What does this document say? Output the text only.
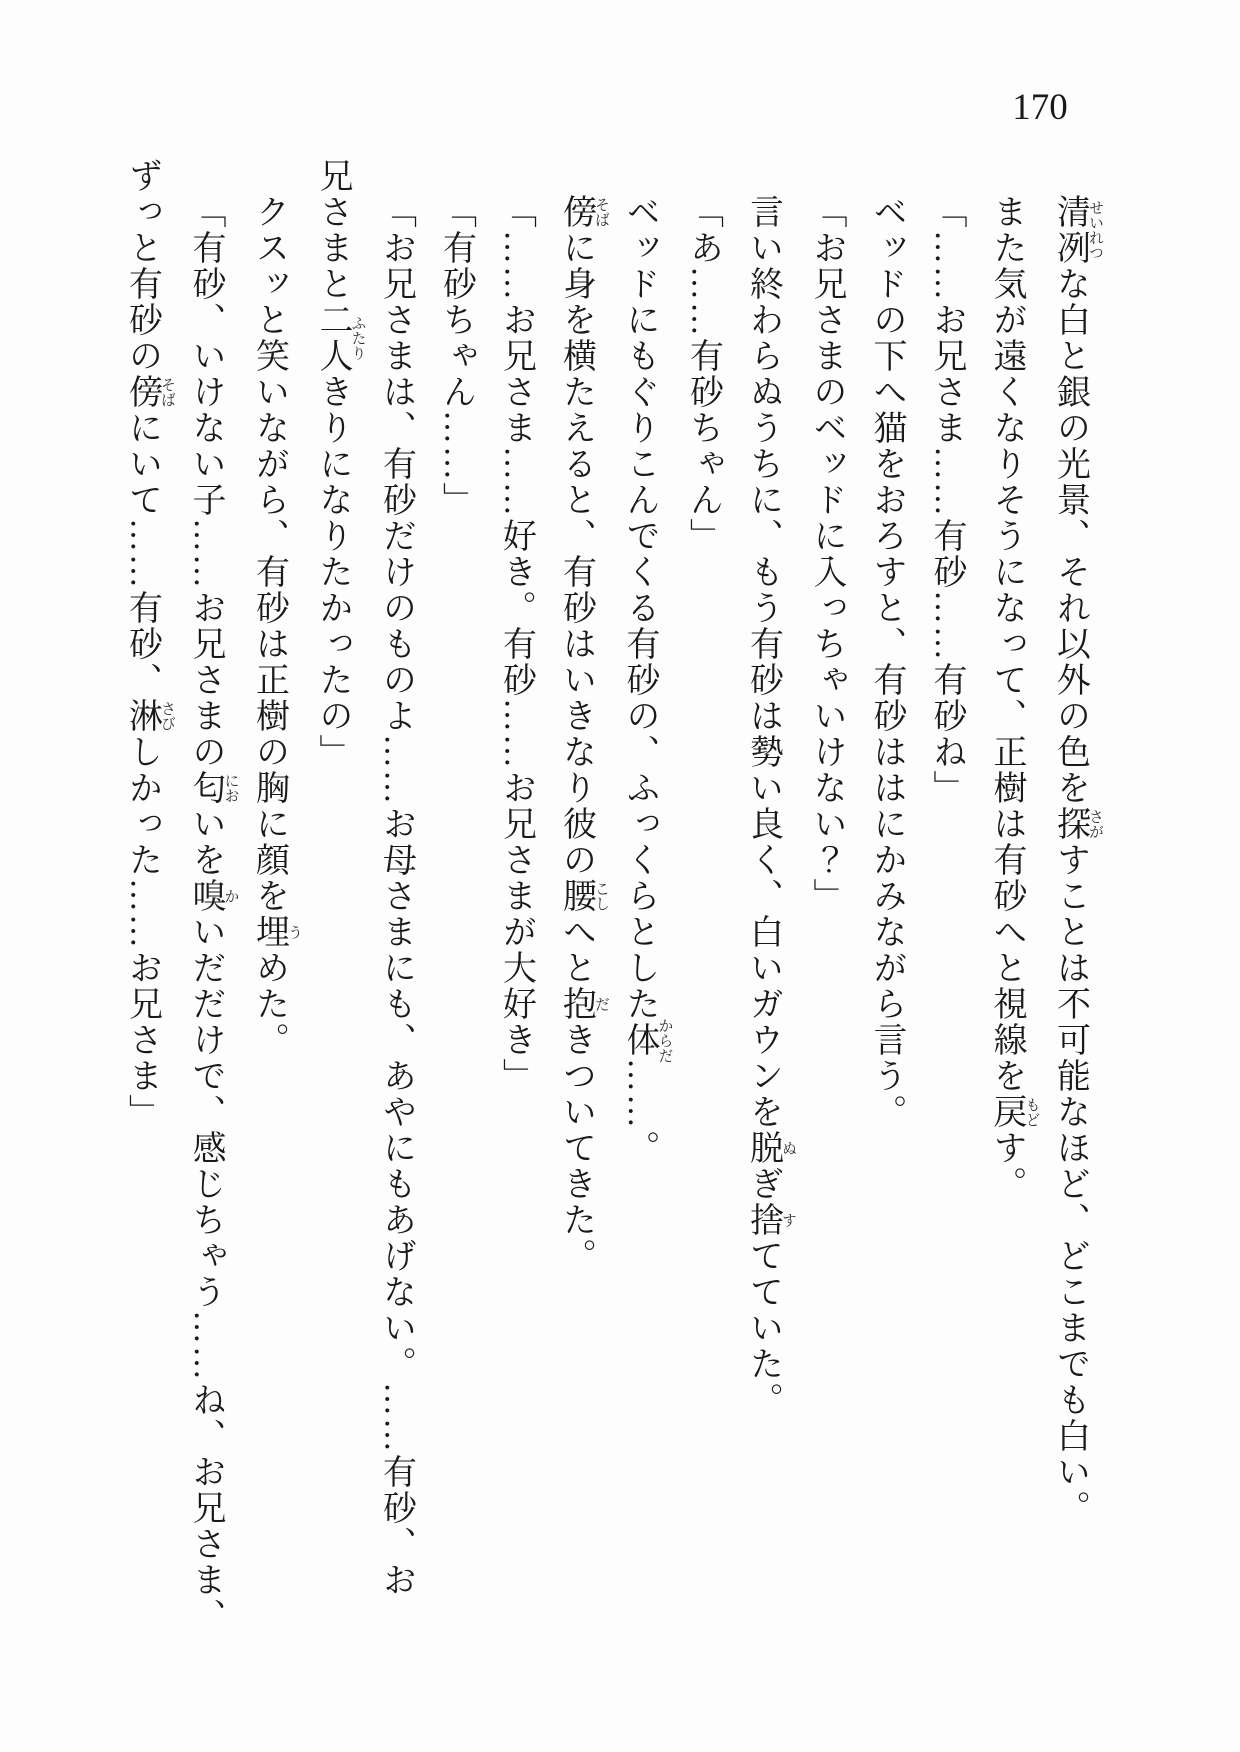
170
清冽せいれつな白と銀の光景、それ以外の色を探さがすことは不可能なほど、どこまでも白い。
また気が遠くなりそうになって、正樹は有砂へと視線を戻もどす。
「……お兄さま……有砂……有砂ね」
ベッドの下へ猫をおろすと、有砂ははにかみながら言う。
「お兄さまのベッドに入っちゃいけない？」
言い終わらぬうちに、もう有砂は勢い良く、白いガウンを脱ぬぎ捨すてていた。
「あ……有砂ちゃん」
ベッドにもぐりこんでくる有砂の、ふっくらとした体からだ……。
傍そばに身を横たえると、有砂はいきなり彼の腰こしへと抱だきついてきた。
「……お兄さま……好き。有砂……お兄さまが大好き」
「有砂ちゃん……」
「お兄さまは、有砂だけのものよ……お母さまにも、あやにもあげない。……有砂、お
兄さまと二人ふたりきりになりたかったの」
クスッと笑いながら、有砂は正樹の胸に顔を埋うめた。
「有砂、いけない子……お兄さまの匂においを嗅かいだだけで、感じちゃう……ね、お兄さま、
ずっと有砂の傍そばにいて……有砂、淋さびしかった……お兄さま」
